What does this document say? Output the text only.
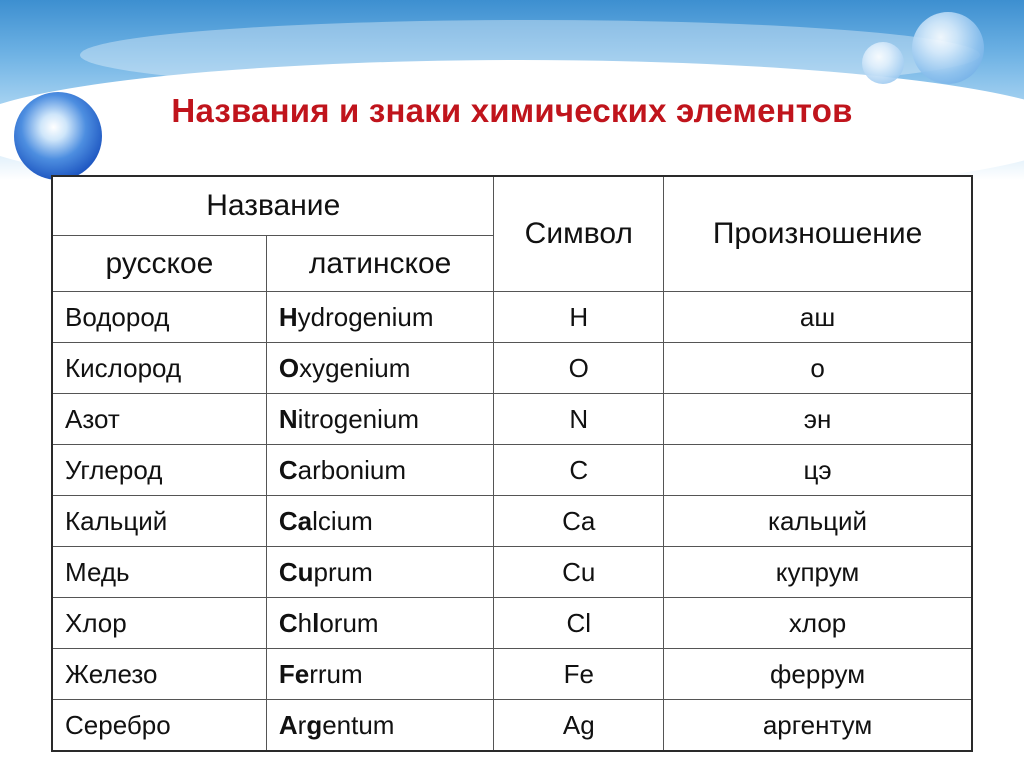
Названия и знаки химических элементов
Название		Символ	Произношение
русское	латинское		
Водород	Hydrogenium	H	аш
Кислород	Oxygenium	O	о
Азот	Nitrogenium	N	эн
Углерод	Carbonium	C	цэ
Кальций	Calcium	Ca	кальций
Медь	Cuprum	Cu	купрум
Хлор	Chlorum	Cl	хлор
Железо	Ferrum	Fe	феррум
Серебро	Argentum	Ag	аргентум
